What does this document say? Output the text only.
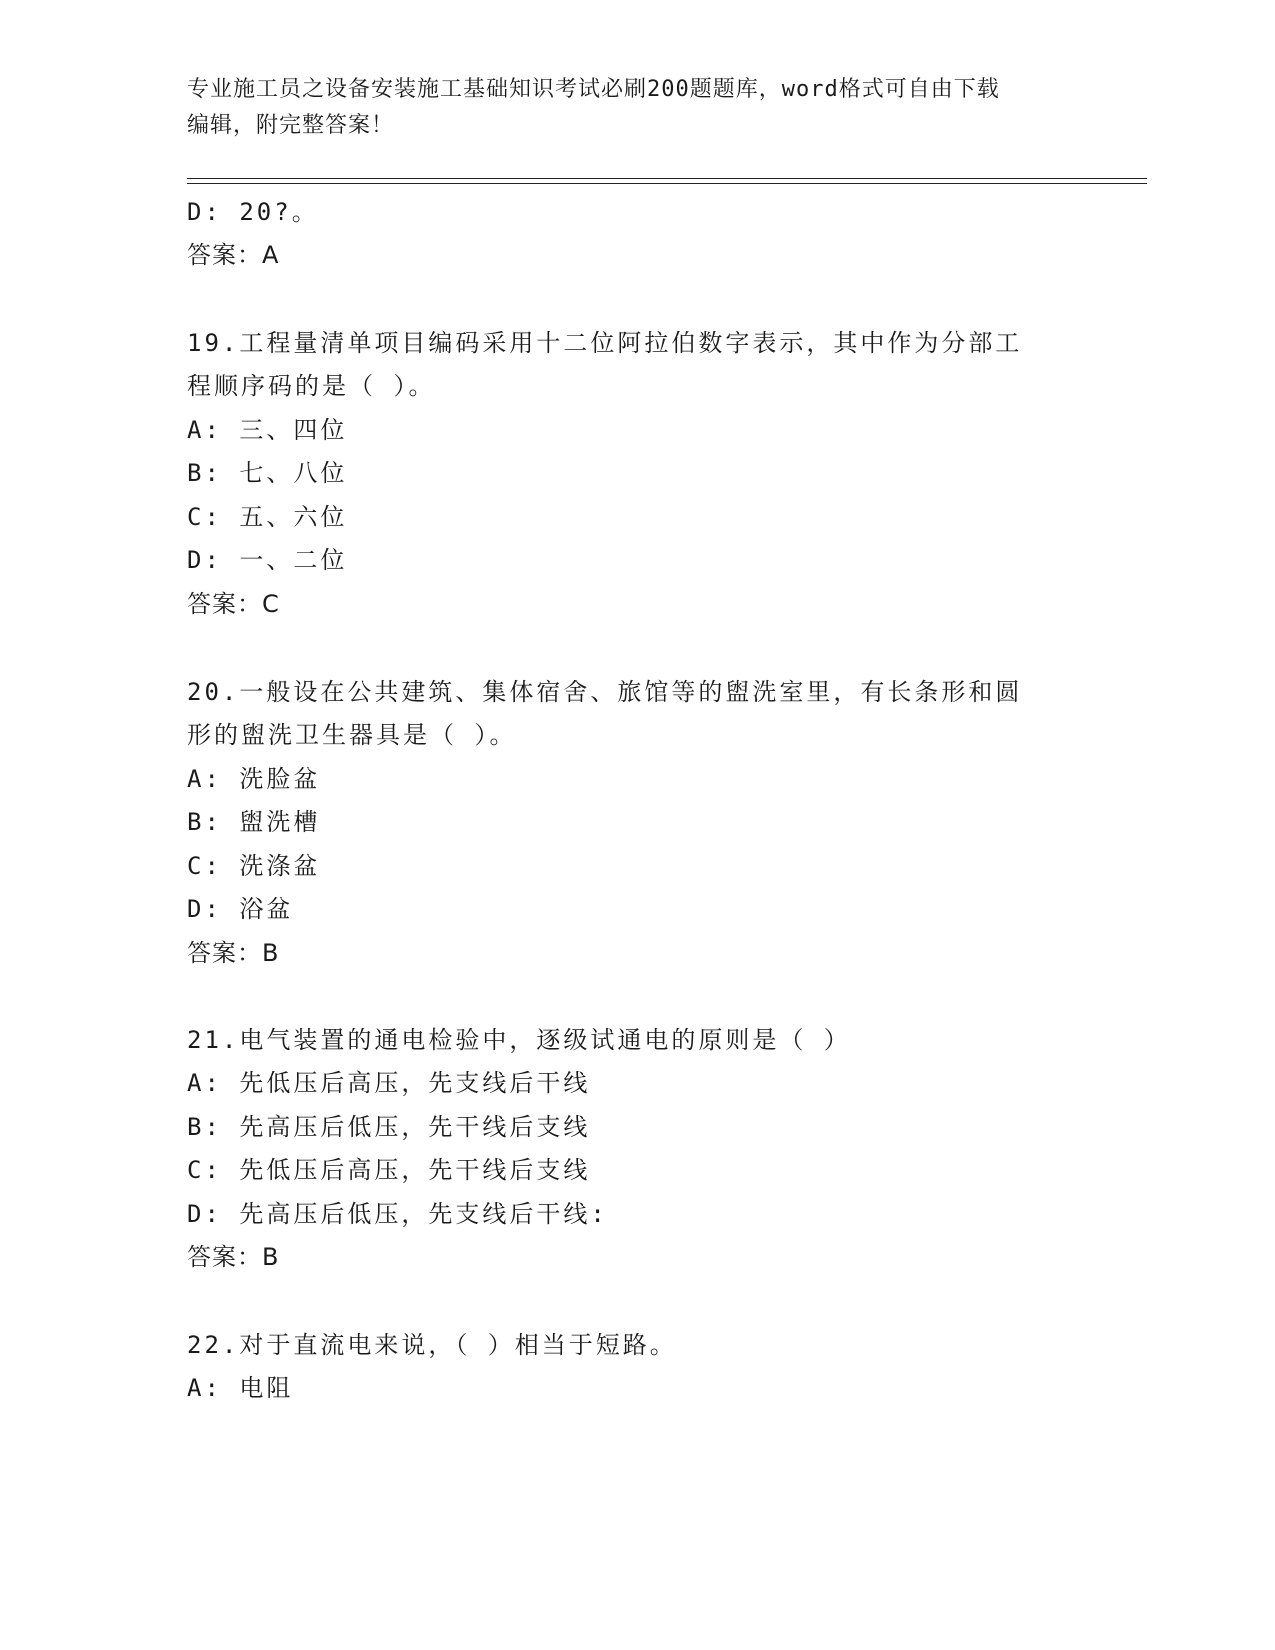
专业施工员之设备安装施工基础知识考试必刷200题题库，word格式可自由下载
编辑，附完整答案！
D: 20?。
答案：A
19.工程量清单项目编码采用十二位阿拉伯数字表示，其中作为分部工
程顺序码的是（ ）。
A: 三、四位
B: 七、八位
C: 五、六位
D: 一、二位
答案：C
20.一般设在公共建筑、集体宿舍、旅馆等的盥洗室里，有长条形和圆
形的盥洗卫生器具是（ ）。
A: 洗脸盆
B: 盥洗槽
C: 洗涤盆
D: 浴盆
答案：B
21.电气装置的通电检验中，逐级试通电的原则是（ ）
A: 先低压后高压，先支线后干线
B: 先高压后低压，先干线后支线
C: 先低压后高压，先干线后支线
D: 先高压后低压，先支线后干线:
答案：B
22.对于直流电来说，（ ）相当于短路。
A: 电阻
